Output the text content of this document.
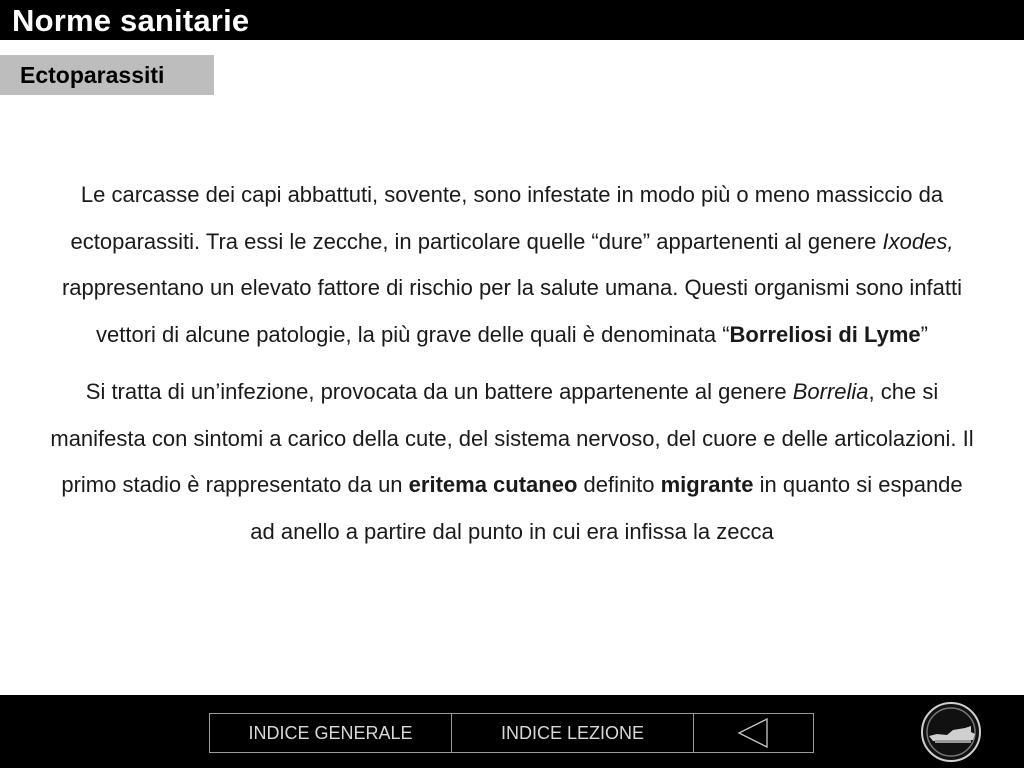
Norme sanitarie
Ectoparassiti

Le carcasse dei capi abbattuti, sovente, sono infestate in modo più o meno massiccio da ectoparassiti. Tra essi le zecche, in particolare quelle “dure” appartenenti al genere Ixodes, rappresentano un elevato fattore di rischio per la salute umana. Questi organismi sono infatti vettori di alcune patologie, la più grave delle quali è denominata “Borreliosi di Lyme”

Si tratta di un’infezione, provocata da un battere appartenente al genere Borrelia, che si manifesta con sintomi a carico della cute, del sistema nervoso, del cuore e delle articolazioni. Il primo stadio è rappresentato da un eritema cutaneo definito migrante in quanto si espande ad anello a partire dal punto in cui era infissa la zecca

INDICE GENERALE	INDICE LEZIONE
